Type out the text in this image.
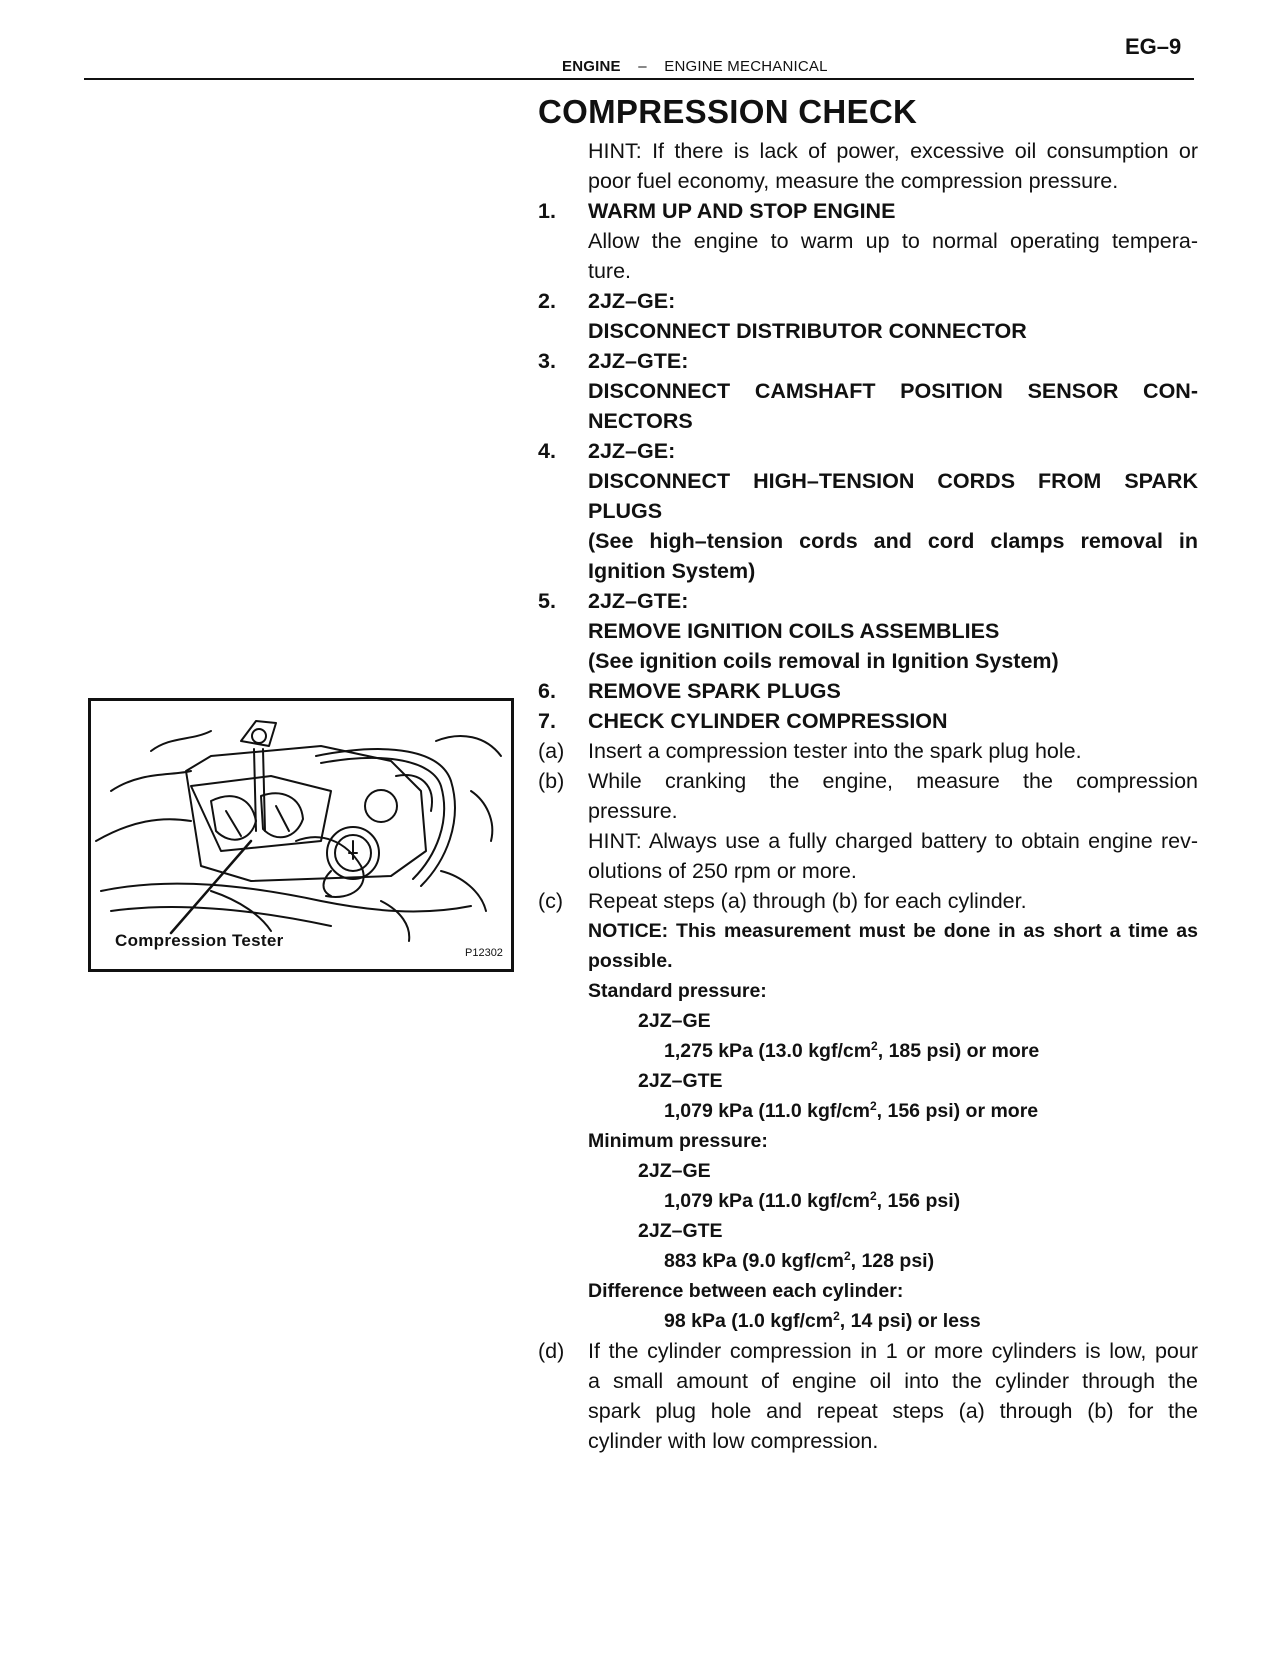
EG–9
ENGINE – ENGINE MECHANICAL
COMPRESSION CHECK
HINT: If there is lack of power, excessive oil consumption or
poor fuel economy, measure the compression pressure.
1.	WARM UP AND STOP ENGINE
Allow the engine to warm up to normal operating tempera-
ture.
2.	2JZ–GE:
DISCONNECT DISTRIBUTOR CONNECTOR
3.	2JZ–GTE:
DISCONNECT CAMSHAFT POSITION SENSOR CON-
NECTORS
4.	2JZ–GE:
DISCONNECT HIGH–TENSION CORDS FROM SPARK
PLUGS
(See high–tension cords and cord clamps removal in
Ignition System)
5.	2JZ–GTE:
REMOVE IGNITION COILS ASSEMBLIES
(See ignition coils removal in Ignition System)
6.	REMOVE SPARK PLUGS
7.	CHECK CYLINDER COMPRESSION
(a)	Insert a compression tester into the spark plug hole.
(b)	While cranking the engine, measure the compression
pressure.
HINT: Always use a fully charged battery to obtain engine rev-
olutions of 250 rpm or more.
(c)	Repeat steps (a) through (b) for each cylinder.
NOTICE: This measurement must be done in as short a time as
possible.
Standard pressure:
2JZ–GE
1,275 kPa (13.0 kgf/$cm^2$, 185 psi) or more
2JZ–GTE
1,079 kPa (11.0 kgf/$cm^2$, 156 psi) or more
Minimum pressure:
2JZ–GE
1,079 kPa (11.0 kgf/$cm^2$, 156 psi)
2JZ–GTE
883 kPa (9.0 kgf/$cm^2$, 128 psi)
Difference between each cylinder:
98 kPa (1.0 kgf/$cm^2$, 14 psi) or less
(d)	If the cylinder compression in 1 or more cylinders is low, pour
a small amount of engine oil into the cylinder through the
spark plug hole and repeat steps (a) through (b) for the
cylinder with low compression.
Compression Tester
P12302
